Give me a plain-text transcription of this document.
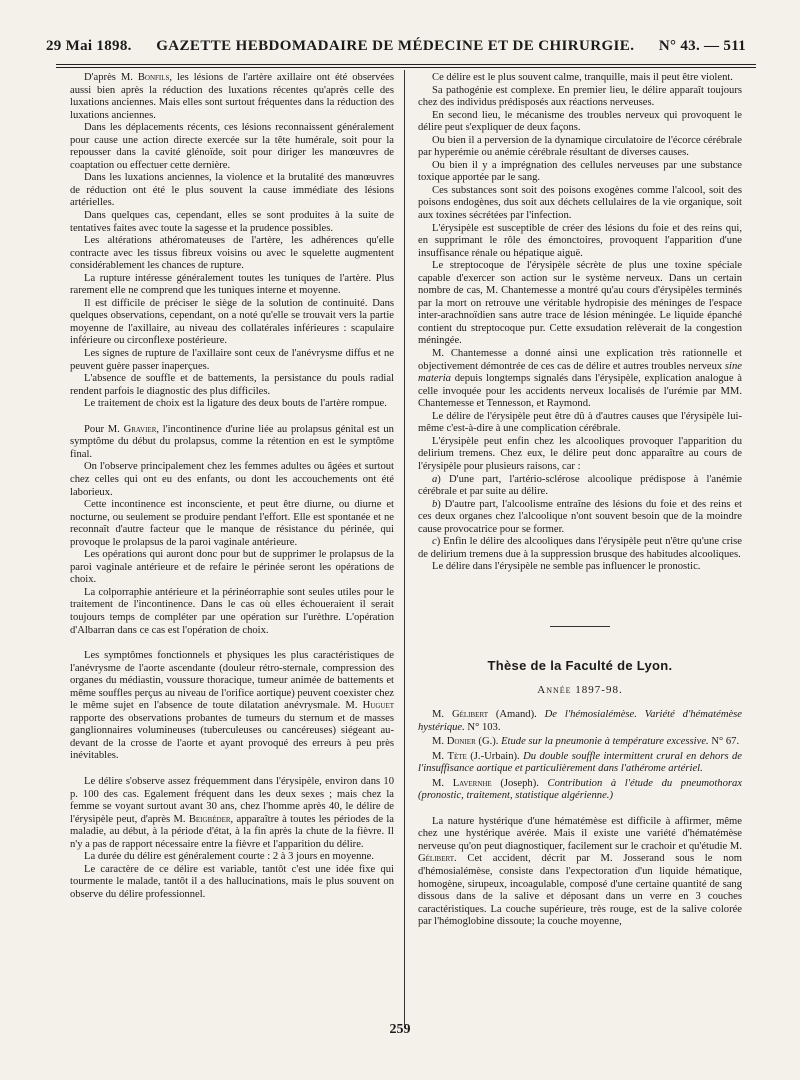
29 Mai 1898. GAZETTE HEBDOMADAIRE DE MÉDECINE ET DE CHIRURGIE. N° 43. — 511

D'après M. Bonfils, les lésions de l'artère axillaire ont été observées aussi bien après la réduction des luxations récentes qu'après celle des luxations anciennes. Mais elles sont surtout fréquentes dans la réduction des luxations anciennes.

Dans les déplacements récents, ces lésions reconnaissent généralement pour cause une action directe exercée sur la tête humérale, soit pour la repousser dans la cavité glénoïde, soit pour diriger les manœuvres de coaptation ou effectuer cette dernière.

Dans les luxations anciennes, la violence et la brutalité des manœuvres de réduction ont été le plus souvent la cause immédiate des lésions artérielles.

Dans quelques cas, cependant, elles se sont produites à la suite de tentatives faites avec toute la sagesse et la prudence possibles.

Les altérations athéromateuses de l'artère, les adhérences qu'elle contracte avec les tissus fibreux voisins ou avec le squelette augmentent considérablement les chances de rupture.

La rupture intéresse généralement toutes les tuniques de l'artère. Plus rarement elle ne comprend que les tuniques interne et moyenne.

Il est difficile de préciser le siège de la solution de continuité. Dans quelques observations, cependant, on a noté qu'elle se trouvait vers la partie moyenne de l'axillaire, au niveau des collatérales inférieures : scapulaire inférieure ou circonflexe postérieure.

Les signes de rupture de l'axillaire sont ceux de l'anévrysme diffus et ne peuvent guère passer inaperçues.

L'absence de souffle et de battements, la persistance du pouls radial rendent parfois le diagnostic des plus difficiles.

Le traitement de choix est la ligature des deux bouts de l'artère rompue.

Pour M. Gravier, l'incontinence d'urine liée au prolapsus génital est un symptôme du début du prolapsus, comme la rétention en est le symptôme final.

On l'observe principalement chez les femmes adultes ou âgées et surtout chez celles qui ont eu des enfants, ou dont les accouchements ont été laborieux.

Cette incontinence est inconsciente, et peut être diurne, ou diurne et nocturne, ou seulement se produire pendant l'effort. Elle est spontanée et ne reconnaît d'autre facteur que le manque de résistance du périnée, qui provoque le prolapsus de la paroi vaginale antérieure.

Les opérations qui auront donc pour but de supprimer le prolapsus de la paroi vaginale antérieure et de refaire le périnée seront les opérations de choix.

La colporraphie antérieure et la périnéorraphie sont seules utiles pour le traitement de l'incontinence. Dans le cas où elles échoueraient il serait toujours temps de compléter par une opération sur l'urèthre. L'opération d'Albarran dans ce cas est l'opération de choix.

Les symptômes fonctionnels et physiques les plus caractéristiques de l'anévrysme de l'aorte ascendante (douleur rétro-sternale, compression des organes du médiastin, voussure thoracique, tumeur animée de battements et même souffles perçus au niveau de l'orifice aortique) peuvent coexister chez le même sujet en l'absence de toute dilatation anévrysmale. M. Huguet rapporte des observations probantes de tumeurs du sternum et de masses ganglionnaires volumineuses (tuberculeuses ou cancéreuses) siégeant au-devant de la crosse de l'aorte et ayant provoqué des erreurs à peu près inévitables.

Le délire s'observe assez fréquemment dans l'érysipèle, environ dans 10 p. 100 des cas. Egalement fréquent dans les deux sexes ; mais chez la femme se voyant surtout avant 30 ans, chez l'homme après 40, le délire de l'érysipèle peut, d'après M. Beigbéder, apparaître à toutes les périodes de la maladie, au début, à la période d'état, à la fin après la chute de la fièvre. Il n'y a pas de rapport nécessaire entre la fièvre et l'apparition du délire.

La durée du délire est généralement courte : 2 à 3 jours en moyenne.

Le caractère de ce délire est variable, tantôt c'est une idée fixe qui tourmente le malade, tantôt il a des hallucinations, mais le plus souvent on observe du délire professionnel.

Ce délire est le plus souvent calme, tranquille, mais il peut être violent.

Sa pathogénie est complexe. En premier lieu, le délire apparaît toujours chez des individus prédisposés aux réactions nerveuses.

En second lieu, le mécanisme des troubles nerveux qui provoquent le délire peut s'expliquer de deux façons.

Ou bien il a perversion de la dynamique circulatoire de l'écorce cérébrale par hyperémie ou anémie cérébrale résultant de diverses causes.

Ou bien il y a imprégnation des cellules nerveuses par une substance toxique apportée par le sang.

Ces substances sont soit des poisons exogènes comme l'alcool, soit des poisons endogènes, dus soit aux déchets cellulaires de la vie organique, soit aux toxines sécrétées par l'infection.

L'érysipèle est susceptible de créer des lésions du foie et des reins qui, en supprimant le rôle des émonctoires, provoquent l'apparition d'une insuffisance rénale ou hépatique aiguë.

Le streptocoque de l'érysipèle sécrète de plus une toxine spéciale capable d'exercer son action sur le système nerveux. Dans un certain nombre de cas, M. Chantemesse a montré qu'au cours d'érysipèles terminés par la mort on retrouve une véritable hydropisie des méninges de l'espace inter-arachnoïdien sans autre trace de lésion méningée. Le liquide épanché contient du streptocoque pur. Cette exsudation relèverait de la congestion méningée.

M. Chantemesse a donné ainsi une explication très rationnelle et objectivement démontrée de ces cas de délire et autres troubles nerveux sine materia depuis longtemps signalés dans l'érysipèle, explication analogue à celle invoquée pour les accidents nerveux localisés de l'urémie par MM. Chantemesse et Tennesson, et Raymond.

Le délire de l'érysipèle peut être dû à d'autres causes que l'érysipèle lui-même c'est-à-dire à une complication cérébrale.

L'érysipèle peut enfin chez les alcooliques provoquer l'apparition du delirium tremens. Chez eux, le délire peut donc apparaître au cours de l'érysipèle pour plusieurs raisons, car :

a) D'une part, l'artério-sclérose alcoolique prédispose à l'anémie cérébrale et par suite au délire.

b) D'autre part, l'alcoolisme entraîne des lésions du foie et des reins et ces deux organes chez l'alcoolique n'ont souvent besoin que de la moindre cause provocatrice pour se former.

c) Enfin le délire des alcooliques dans l'érysipèle peut n'être qu'une crise de delirium tremens due à la suppression brusque des habitudes alcooliques.

Le délire dans l'érysipèle ne semble pas influencer le pronostic.

Thèse de la Faculté de Lyon.
Année 1897-98.

M. Gélibert (Amand). De l'hémosialémèse. Variété d'hématémèse hystérique. N° 103.

M. Donier (G.). Etude sur la pneumonie à température excessive. N° 67.

M. Tète (J.-Urbain). Du double souffle intermittent crural en dehors de l'insuffisance aortique et particulièrement dans l'athérome artériel.

M. Lavernhe (Joseph). Contribution à l'étude du pneumothorax (pronostic, traitement, statistique algérienne.)

La nature hystérique d'une hématémèse est difficile à affirmer, même chez une hystérique avérée. Mais il existe une variété d'hématémèse nerveuse qu'on peut diagnostiquer, facilement sur le crachoir et qu'étudie M. Gélibert. Cet accident, décrit par M. Josserand sous le nom d'hémosialémèse, consiste dans l'expectoration d'un liquide hématique, homogène, sirupeux, incoagulable, composé d'une certaine quantité de sang dissous dans de la salive et déposant dans un verre en 3 couches caractéristiques. La couche supérieure, très rouge, est de la salive colorée par l'hémoglobine dissoute; la couche moyenne,

259
